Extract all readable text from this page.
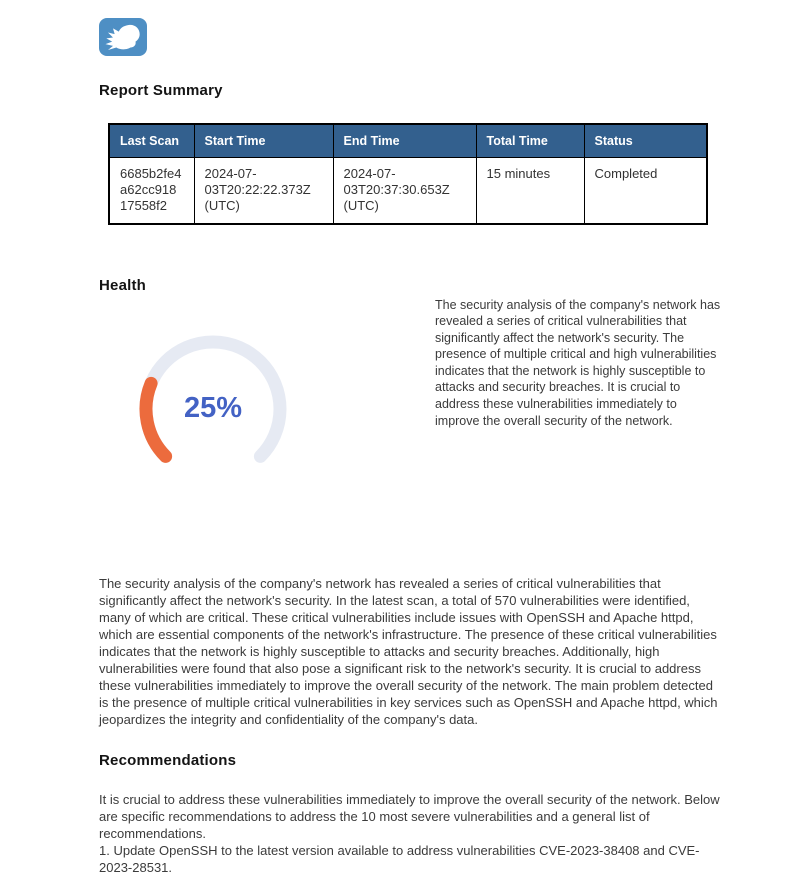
Report Summary
Last Scan	Start Time	End Time	Total Time	Status
6685b2fe4a62cc91817558f2	2024-07-03T20:22:22.373Z (UTC)	2024-07-03T20:37:30.653Z (UTC)	15 minutes	Completed
Health
25%
The security analysis of the company's network has revealed a series of critical vulnerabilities that significantly affect the network's security. The presence of multiple critical and high vulnerabilities indicates that the network is highly susceptible to attacks and security breaches. It is crucial to address these vulnerabilities immediately to improve the overall security of the network.

The security analysis of the company's network has revealed a series of critical vulnerabilities that significantly affect the network's security. In the latest scan, a total of 570 vulnerabilities were identified, many of which are critical. These critical vulnerabilities include issues with OpenSSH and Apache httpd, which are essential components of the network's infrastructure. The presence of these critical vulnerabilities indicates that the network is highly susceptible to attacks and security breaches. Additionally, high vulnerabilities were found that also pose a significant risk to the network's security. It is crucial to address these vulnerabilities immediately to improve the overall security of the network. The main problem detected is the presence of multiple critical vulnerabilities in key services such as OpenSSH and Apache httpd, which jeopardizes the integrity and confidentiality of the company's data.

Recommendations
It is crucial to address these vulnerabilities immediately to improve the overall security of the network. Below are specific recommendations to address the 10 most severe vulnerabilities and a general list of recommendations.
1. Update OpenSSH to the latest version available to address vulnerabilities CVE-2023-38408 and CVE-2023-28531.
